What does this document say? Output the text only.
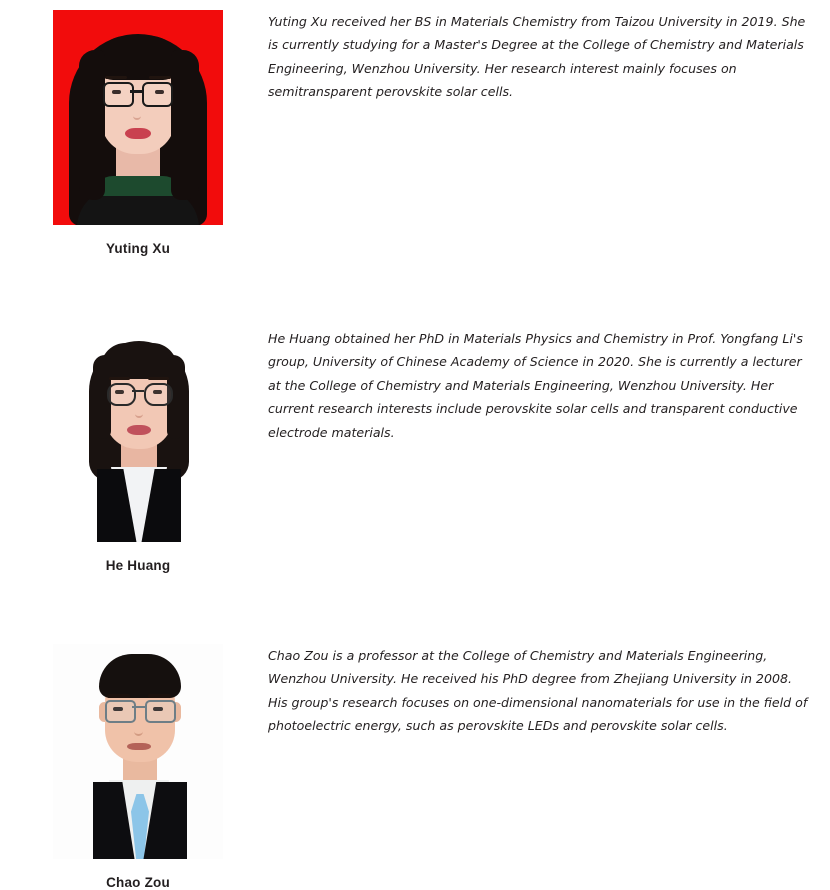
Yuting Xu
Yuting Xu received her BS in Materials Chemistry from Taizou University in 2019. She is currently studying for a Master's Degree at the College of Chemistry and Materials Engineering, Wenzhou University. Her research interest mainly focuses on semitransparent perovskite solar cells.
He Huang
He Huang obtained her PhD in Materials Physics and Chemistry in Prof. Yongfang Li's group, University of Chinese Academy of Science in 2020. She is currently a lecturer at the College of Chemistry and Materials Engineering, Wenzhou University. Her current research interests include perovskite solar cells and transparent conductive electrode materials.
Chao Zou
Chao Zou is a professor at the College of Chemistry and Materials Engineering, Wenzhou University. He received his PhD degree from Zhejiang University in 2008. His group's research focuses on one-dimensional nanomaterials for use in the field of photoelectric energy, such as perovskite LEDs and perovskite solar cells.
